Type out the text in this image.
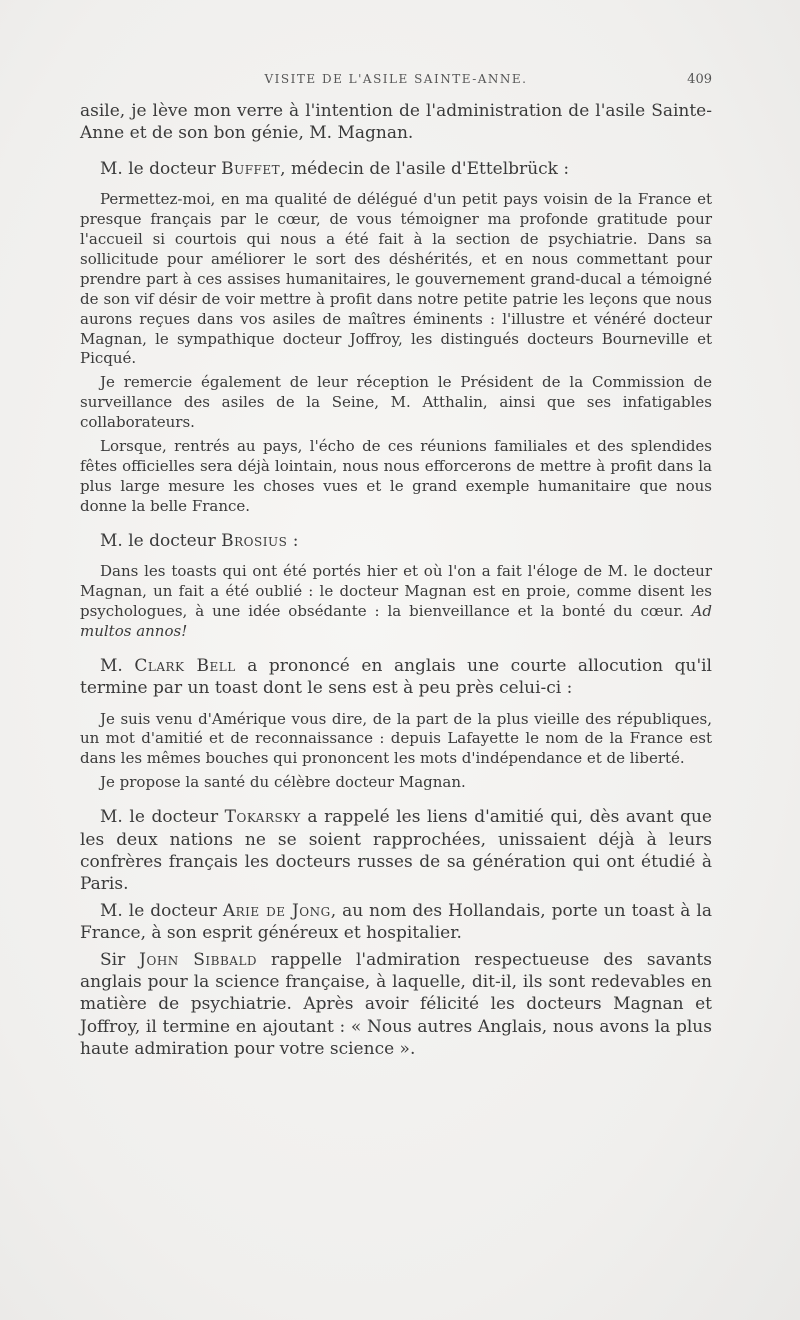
VISITE DE L'ASILE SAINTE-ANNE.	409

asile, je lève mon verre à l'intention de l'administration de l'asile Sainte-Anne et de son bon génie, M. Magnan.

M. le docteur Buffet, médecin de l'asile d'Ettelbrück :

Permettez-moi, en ma qualité de délégué d'un petit pays voisin de la France et presque français par le cœur, de vous témoigner ma profonde gratitude pour l'accueil si courtois qui nous a été fait à la section de psychiatrie. Dans sa sollicitude pour améliorer le sort des déshérités, et en nous commettant pour prendre part à ces assises humanitaires, le gouvernement grand-ducal a témoigné de son vif désir de voir mettre à profit dans notre petite patrie les leçons que nous aurons reçues dans vos asiles de maîtres éminents : l'illustre et vénéré docteur Magnan, le sympathique docteur Joffroy, les distingués docteurs Bourneville et Picqué.

Je remercie également de leur réception le Président de la Commission de surveillance des asiles de la Seine, M. Atthalin, ainsi que ses infatigables collaborateurs.

Lorsque, rentrés au pays, l'écho de ces réunions familiales et des splendides fêtes officielles sera déjà lointain, nous nous efforcerons de mettre à profit dans la plus large mesure les choses vues et le grand exemple humanitaire que nous donne la belle France.

M. le docteur Brosius :

Dans les toasts qui ont été portés hier et où l'on a fait l'éloge de M. le docteur Magnan, un fait a été oublié : le docteur Magnan est en proie, comme disent les psychologues, à une idée obsédante : la bienveillance et la bonté du cœur. Ad multos annos!

M. Clark Bell a prononcé en anglais une courte allocution qu'il termine par un toast dont le sens est à peu près celui-ci :

Je suis venu d'Amérique vous dire, de la part de la plus vieille des républiques, un mot d'amitié et de reconnaissance : depuis Lafayette le nom de la France est dans les mêmes bouches qui prononcent les mots d'indépendance et de liberté.

Je propose la santé du célèbre docteur Magnan.

M. le docteur Tokarsky a rappelé les liens d'amitié qui, dès avant que les deux nations ne se soient rapprochées, unissaient déjà à leurs confrères français les docteurs russes de sa génération qui ont étudié à Paris.

M. le docteur Arie de Jong, au nom des Hollandais, porte un toast à la France, à son esprit généreux et hospitalier.

Sir John Sibbald rappelle l'admiration respectueuse des savants anglais pour la science française, à laquelle, dit-il, ils sont redevables en matière de psychiatrie. Après avoir félicité les docteurs Magnan et Joffroy, il termine en ajoutant : « Nous autres Anglais, nous avons la plus haute admiration pour votre science ».
